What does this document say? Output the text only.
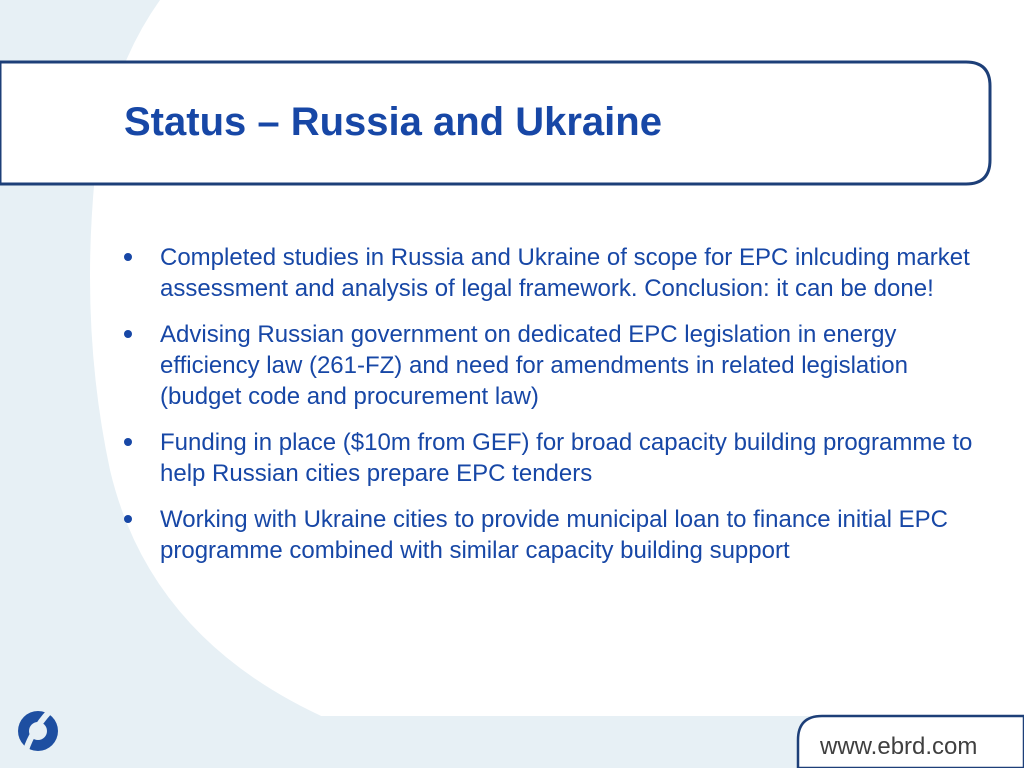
Status – Russia and Ukraine
Completed studies in Russia and Ukraine of scope for EPC inlcuding market assessment and analysis of legal framework. Conclusion: it can be done!
Advising Russian government on dedicated EPC legislation in energy efficiency law (261-FZ) and need for amendments in related legislation (budget code and procurement law)
Funding in place ($10m from GEF) for broad capacity building programme to help Russian cities prepare EPC tenders
Working with Ukraine cities to provide municipal loan to finance initial EPC programme combined with similar capacity building support
www.ebrd.com
